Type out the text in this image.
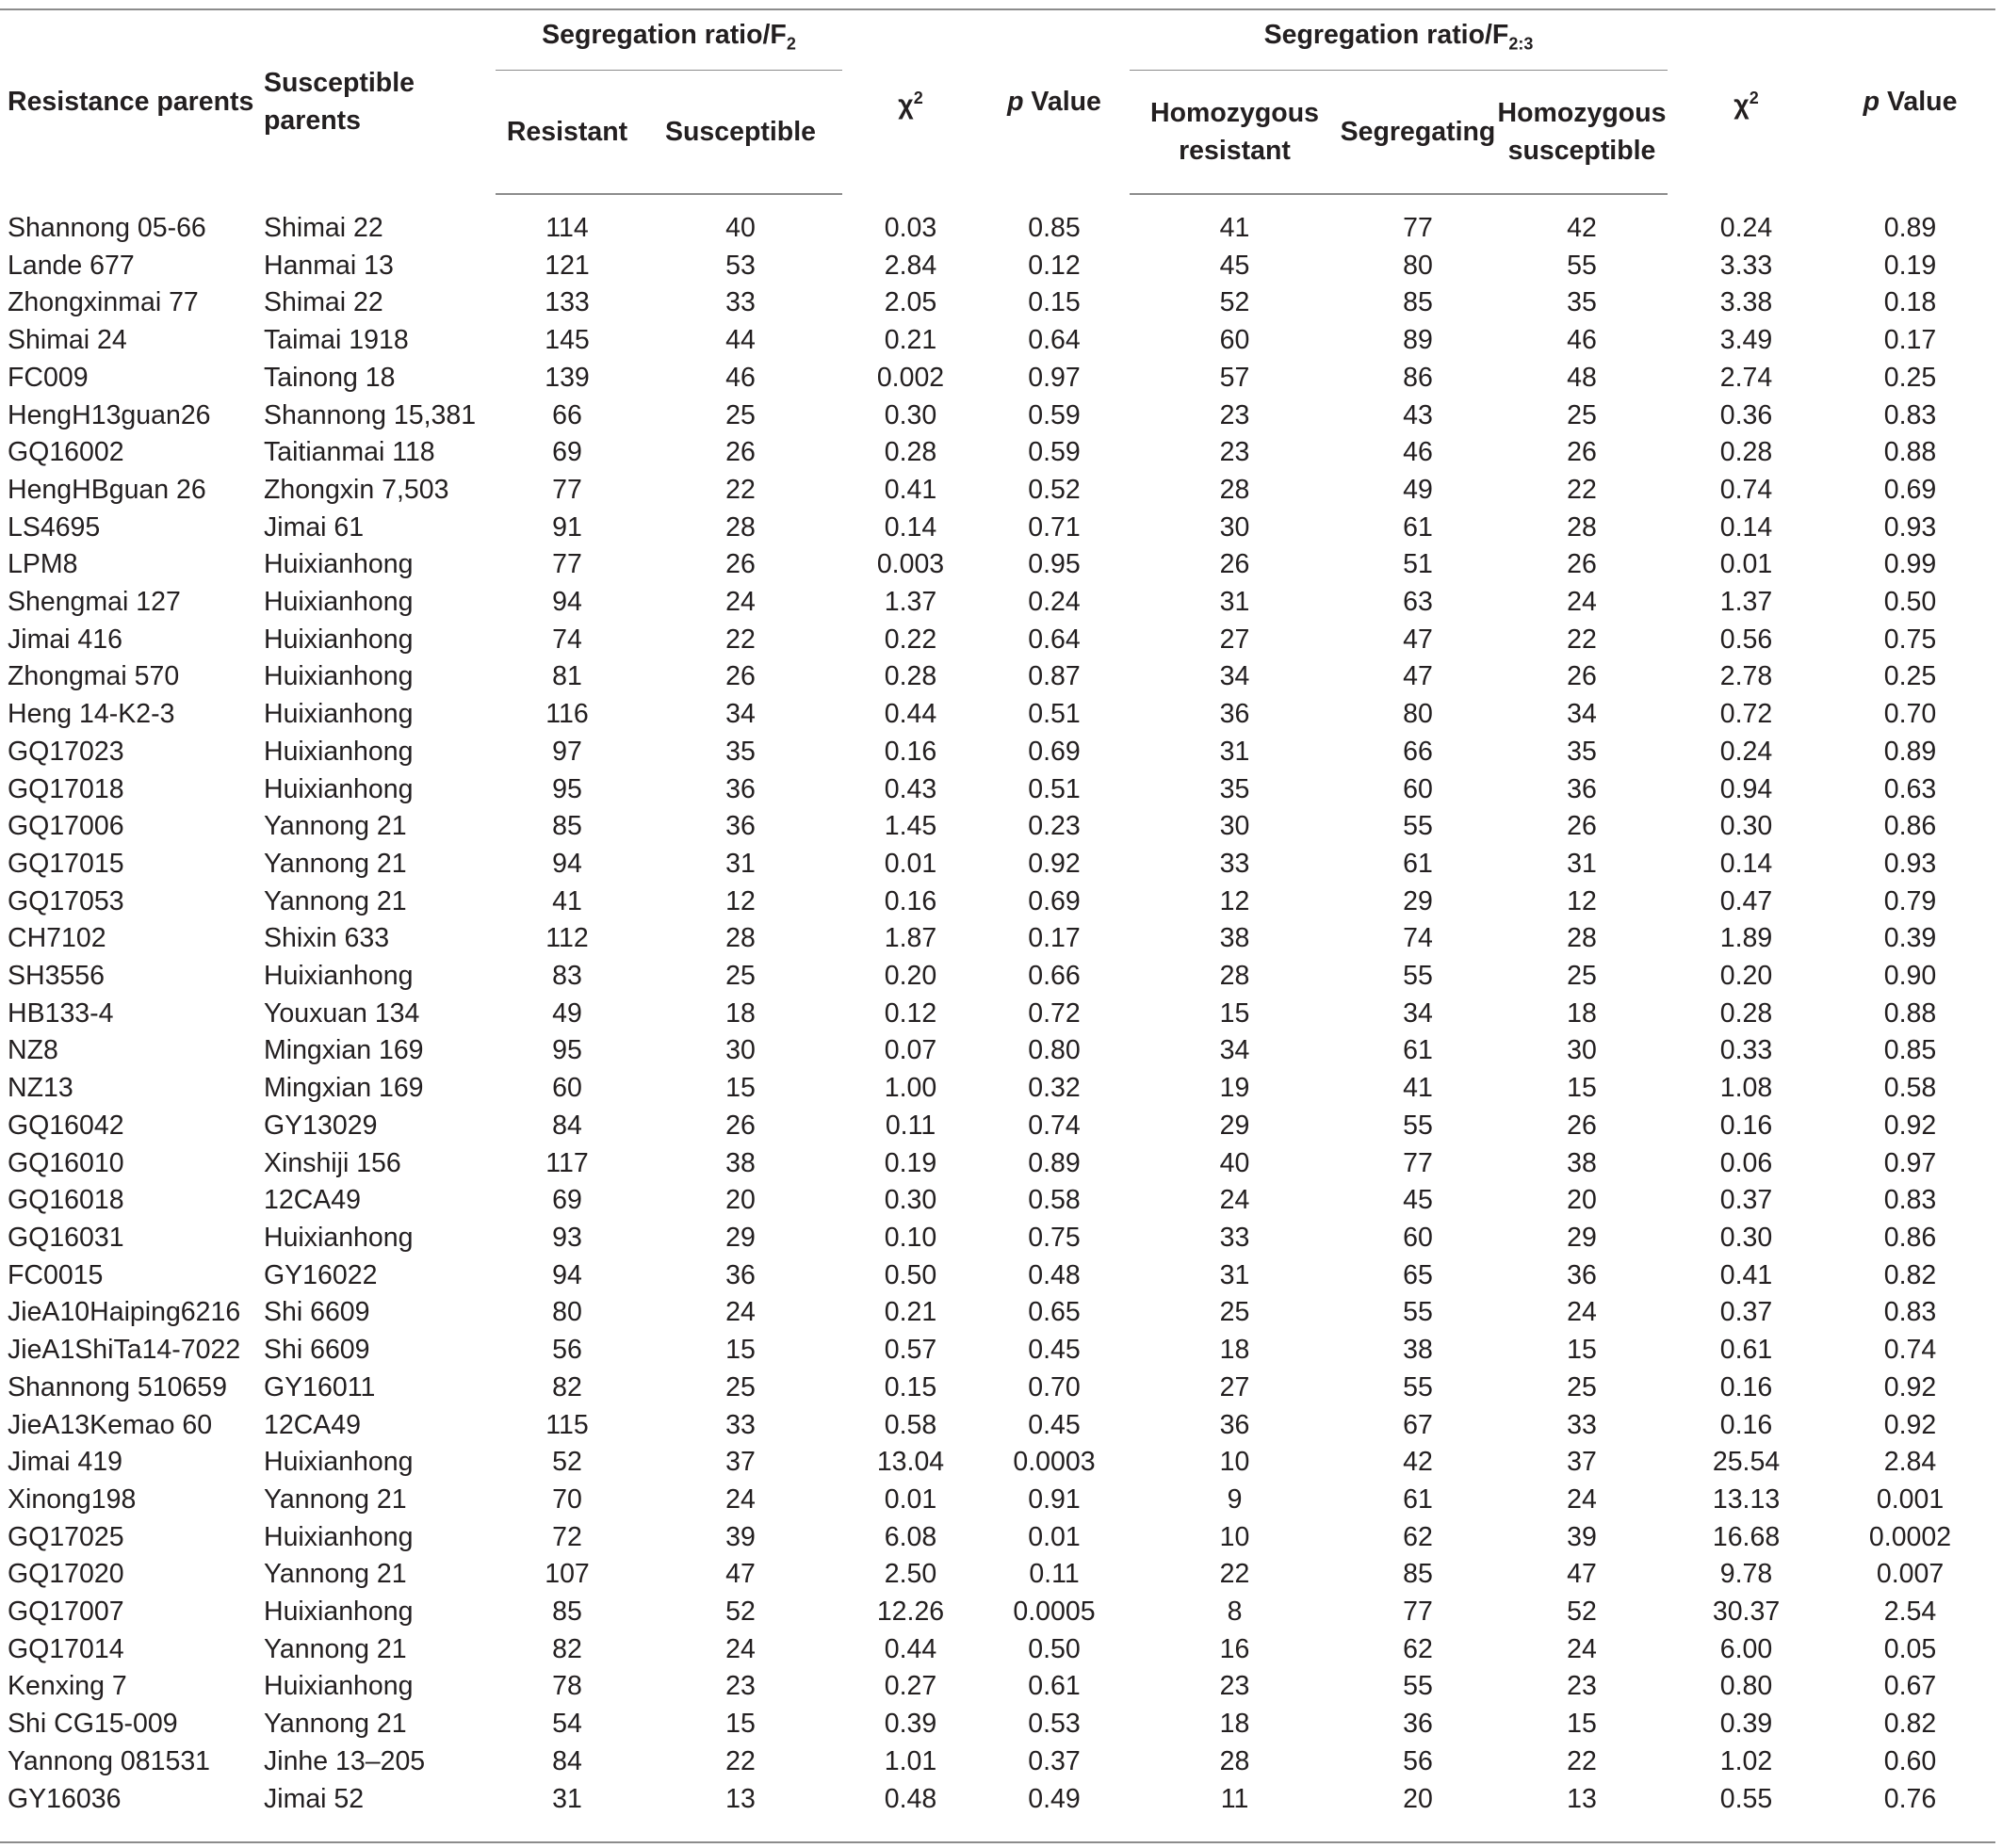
Resistance parents	Susceptible parents	Segregation ratio/$F_2$		$\chi^2$	p Value	Segregation ratio/$F_{2:3}$			$\chi^2$	p Value
		Resistant	Susceptible			Homozygous resistant	Segregating	Homozygous susceptible		
Shannong 05-66	Shimai 22	114	40	0.03	0.85	41	77	42	0.24	0.89
Lande 677	Hanmai 13	121	53	2.84	0.12	45	80	55	3.33	0.19
Zhongxinmai 77	Shimai 22	133	33	2.05	0.15	52	85	35	3.38	0.18
Shimai 24	Taimai 1918	145	44	0.21	0.64	60	89	46	3.49	0.17
FC009	Tainong 18	139	46	0.002	0.97	57	86	48	2.74	0.25
HengH13guan26	Shannong 15,381	66	25	0.30	0.59	23	43	25	0.36	0.83
GQ16002	Taitianmai 118	69	26	0.28	0.59	23	46	26	0.28	0.88
HengHBguan 26	Zhongxin 7,503	77	22	0.41	0.52	28	49	22	0.74	0.69
LS4695	Jimai 61	91	28	0.14	0.71	30	61	28	0.14	0.93
LPM8	Huixianhong	77	26	0.003	0.95	26	51	26	0.01	0.99
Shengmai 127	Huixianhong	94	24	1.37	0.24	31	63	24	1.37	0.50
Jimai 416	Huixianhong	74	22	0.22	0.64	27	47	22	0.56	0.75
Zhongmai 570	Huixianhong	81	26	0.28	0.87	34	47	26	2.78	0.25
Heng 14-K2-3	Huixianhong	116	34	0.44	0.51	36	80	34	0.72	0.70
GQ17023	Huixianhong	97	35	0.16	0.69	31	66	35	0.24	0.89
GQ17018	Huixianhong	95	36	0.43	0.51	35	60	36	0.94	0.63
GQ17006	Yannong 21	85	36	1.45	0.23	30	55	26	0.30	0.86
GQ17015	Yannong 21	94	31	0.01	0.92	33	61	31	0.14	0.93
GQ17053	Yannong 21	41	12	0.16	0.69	12	29	12	0.47	0.79
CH7102	Shixin 633	112	28	1.87	0.17	38	74	28	1.89	0.39
SH3556	Huixianhong	83	25	0.20	0.66	28	55	25	0.20	0.90
HB133-4	Youxuan 134	49	18	0.12	0.72	15	34	18	0.28	0.88
NZ8	Mingxian 169	95	30	0.07	0.80	34	61	30	0.33	0.85
NZ13	Mingxian 169	60	15	1.00	0.32	19	41	15	1.08	0.58
GQ16042	GY13029	84	26	0.11	0.74	29	55	26	0.16	0.92
GQ16010	Xinshiji 156	117	38	0.19	0.89	40	77	38	0.06	0.97
GQ16018	12CA49	69	20	0.30	0.58	24	45	20	0.37	0.83
GQ16031	Huixianhong	93	29	0.10	0.75	33	60	29	0.30	0.86
FC0015	GY16022	94	36	0.50	0.48	31	65	36	0.41	0.82
JieA10Haiping6216	Shi 6609	80	24	0.21	0.65	25	55	24	0.37	0.83
JieA1ShiTa14-7022	Shi 6609	56	15	0.57	0.45	18	38	15	0.61	0.74
Shannong 510659	GY16011	82	25	0.15	0.70	27	55	25	0.16	0.92
JieA13Kemao 60	12CA49	115	33	0.58	0.45	36	67	33	0.16	0.92
Jimai 419	Huixianhong	52	37	13.04	0.0003	10	42	37	25.54	2.84
Xinong198	Yannong 21	70	24	0.01	0.91	9	61	24	13.13	0.001
GQ17025	Huixianhong	72	39	6.08	0.01	10	62	39	16.68	0.0002
GQ17020	Yannong 21	107	47	2.50	0.11	22	85	47	9.78	0.007
GQ17007	Huixianhong	85	52	12.26	0.0005	8	77	52	30.37	2.54
GQ17014	Yannong 21	82	24	0.44	0.50	16	62	24	6.00	0.05
Kenxing 7	Huixianhong	78	23	0.27	0.61	23	55	23	0.80	0.67
Shi CG15-009	Yannong 21	54	15	0.39	0.53	18	36	15	0.39	0.82
Yannong 081531	Jinhe 13–205	84	22	1.01	0.37	28	56	22	1.02	0.60
GY16036	Jimai 52	31	13	0.48	0.49	11	20	13	0.55	0.76
